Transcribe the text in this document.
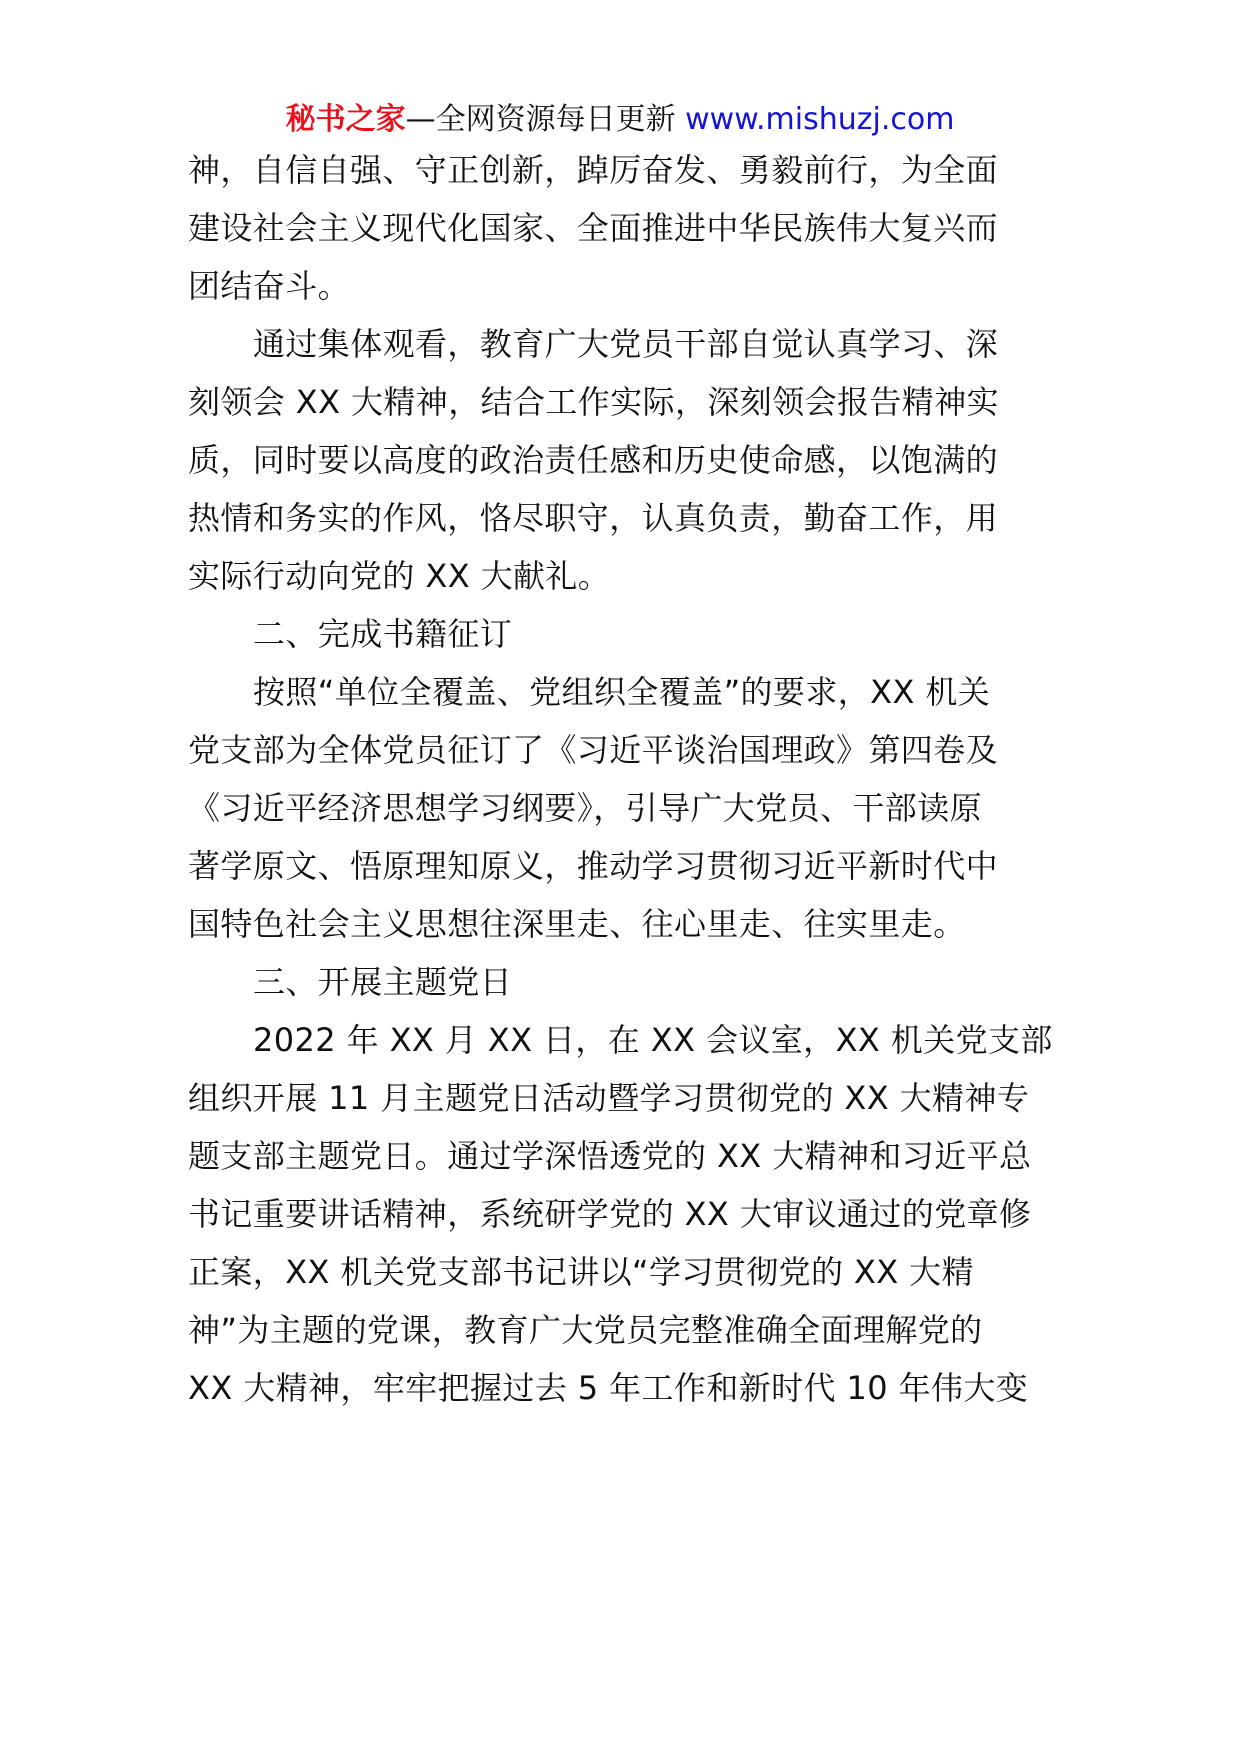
秘书之家—全网资源每日更新 www.mishuzj.com
神，自信自强、守正创新，踔厉奋发、勇毅前行，为全面
建设社会主义现代化国家、全面推进中华民族伟大复兴而
团结奋斗。
通过集体观看，教育广大党员干部自觉认真学习、深
刻领会 XX 大精神，结合工作实际，深刻领会报告精神实
质，同时要以高度的政治责任感和历史使命感，以饱满的
热情和务实的作风，恪尽职守，认真负责，勤奋工作，用
实际行动向党的 XX 大献礼。
二、完成书籍征订
按照“单位全覆盖、党组织全覆盖”的要求，XX 机关
党支部为全体党员征订了《习近平谈治国理政》第四卷及
《习近平经济思想学习纲要》，引导广大党员、干部读原
著学原文、悟原理知原义，推动学习贯彻习近平新时代中
国特色社会主义思想往深里走、往心里走、往实里走。
三、开展主题党日
2022 年 XX 月 XX 日，在 XX 会议室，XX 机关党支部
组织开展 11 月主题党日活动暨学习贯彻党的 XX 大精神专
题支部主题党日。通过学深悟透党的 XX 大精神和习近平总
书记重要讲话精神，系统研学党的 XX 大审议通过的党章修
正案，XX 机关党支部书记讲以“学习贯彻党的 XX 大精
神”为主题的党课，教育广大党员完整准确全面理解党的
XX 大精神，牢牢把握过去 5 年工作和新时代 10 年伟大变
